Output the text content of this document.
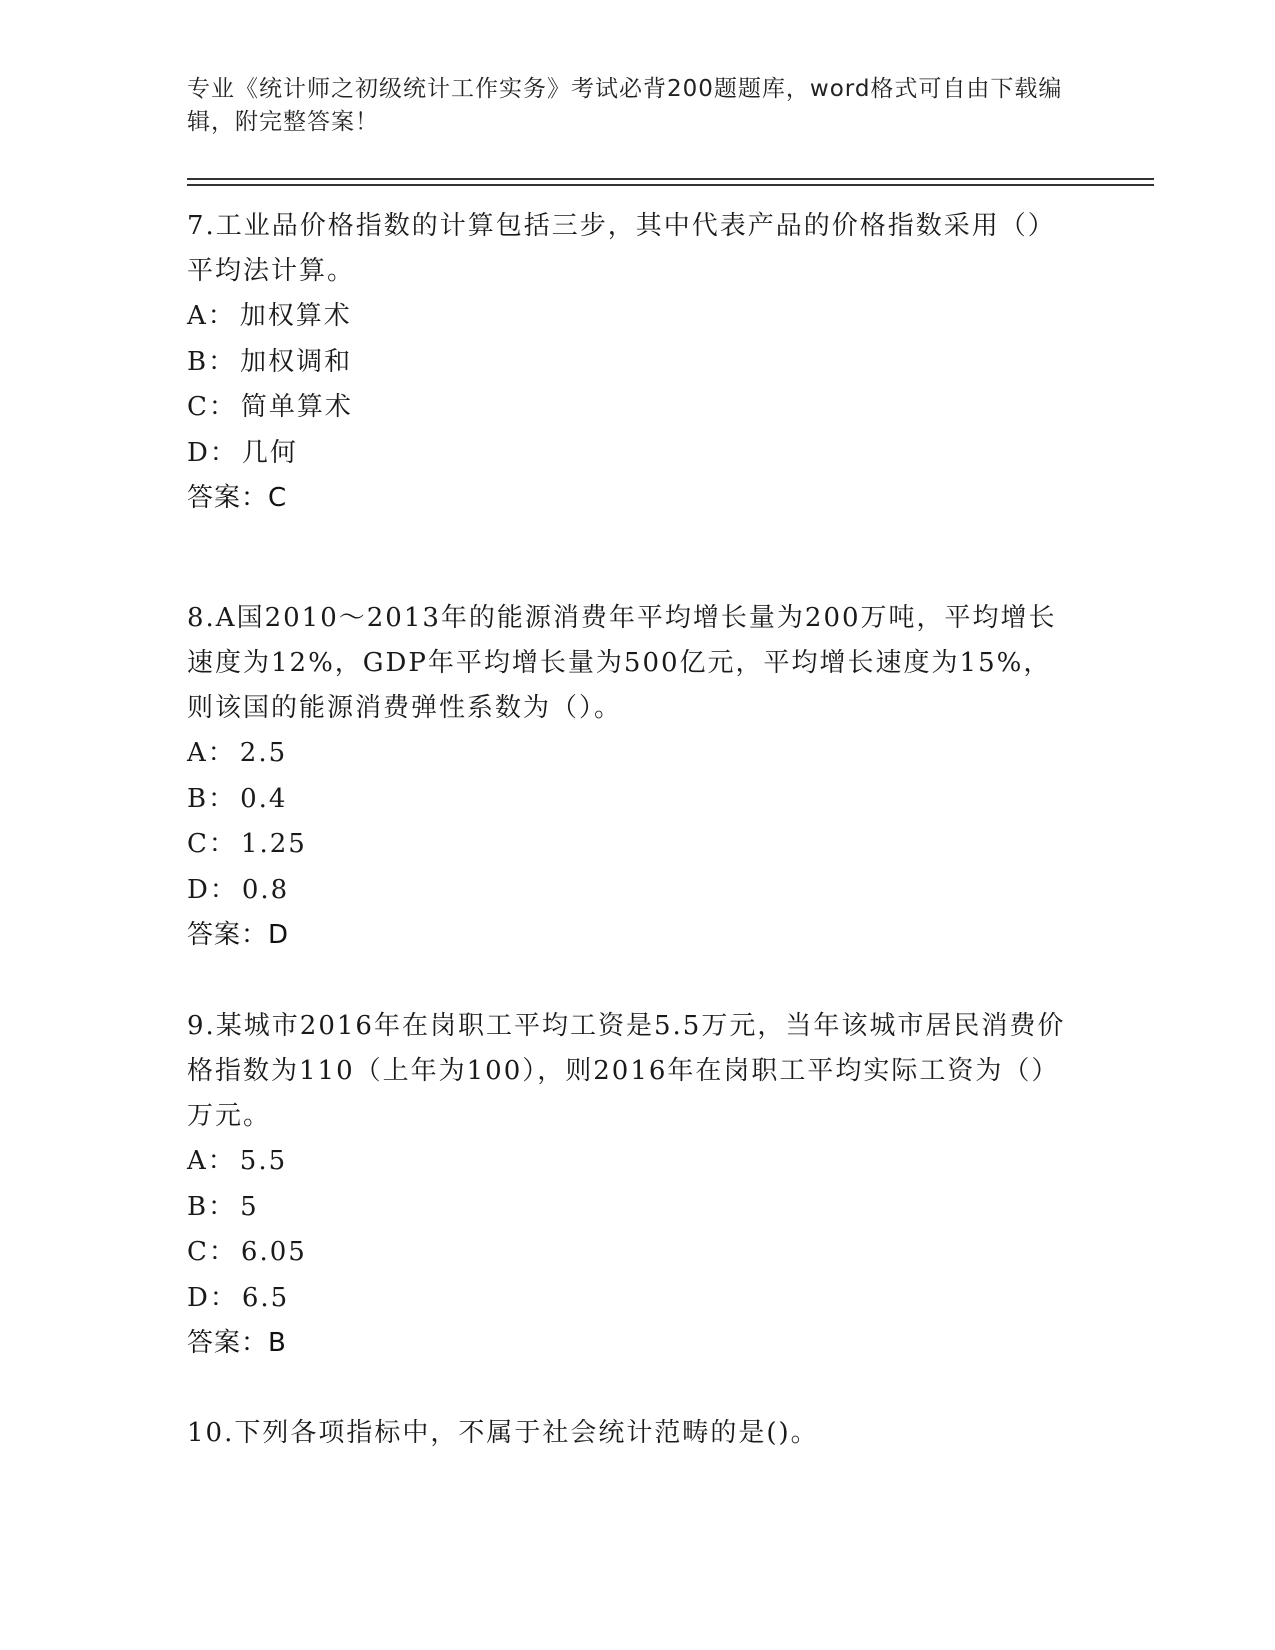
专业《统计师之初级统计工作实务》考试必背200题题库，word格式可自由下载编辑，附完整答案！

7.工业品价格指数的计算包括三步，其中代表产品的价格指数采用（）平均法计算。

A： 加权算术
B： 加权调和
C： 简单算术
D： 几何

答案：C

8.A国2010～2013年的能源消费年平均增长量为200万吨，平均增长速度为12%，GDP年平均增长量为500亿元，平均增长速度为15%，则该国的能源消费弹性系数为（）。

A： 2.5
B： 0.4
C： 1.25
D： 0.8

答案：D

9.某城市2016年在岗职工平均工资是5.5万元，当年该城市居民消费价格指数为110（上年为100），则2016年在岗职工平均实际工资为（）万元。

A： 5.5
B： 5
C： 6.05
D： 6.5

答案：B

10.下列各项指标中，不属于社会统计范畴的是()。
